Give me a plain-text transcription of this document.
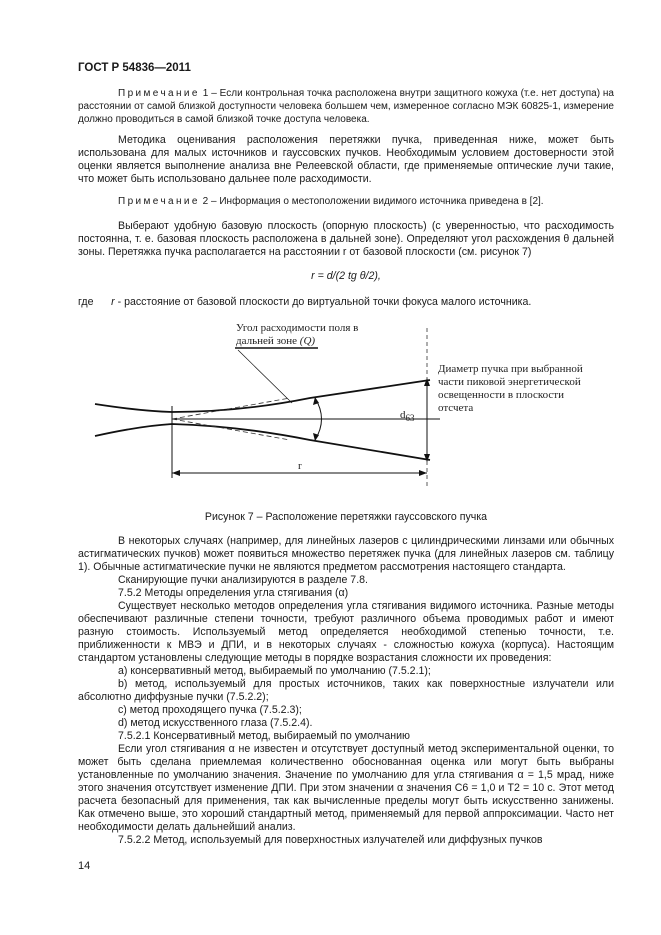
ГОСТ Р 54836—2011

Примечание 1 – Если контрольная точка расположена внутри защитного кожуха (т.е. нет доступа) на расстоянии от самой близкой доступности человека большем чем, измеренное согласно МЭК 60825-1, измерение должно проводиться в самой близкой точке доступа человека.

Методика оценивания расположения перетяжки пучка, приведенная ниже, может быть использована для малых источников и гауссовских пучков. Необходимым условием достоверности этой оценки является выполнение анализа вне Релеевской области, где применяемые оптические лучи такие, что может быть использовано дальнее поле расходимости.

Примечание 2 – Информация о местоположении видимого источника приведена в [2].

Выберают удобную базовую плоскость (опорную плоскость) (с уверенностью, что расходимость постоянна, т. е. базовая плоскость расположена в дальней зоне). Определяют угол расхождения θ дальней зоны. Перетяжка пучка располагается на расстоянии r от базовой плоскости (см. рисунок 7)

r = d/(2 tg θ/2),
где r - расстояние от базовой плоскости до виртуальной точки фокуса малого источника.
Угол расходимости поля в
дальней зоне (Q)
$d_{63}$
r
Диаметр пучка при выбранной
части пиковой энергетической
освещенности в плоскости
отсчета
Рисунок 7 – Расположение перетяжки гауссовского пучка

В некоторых случаях (например, для линейных лазеров с цилиндрическими линзами или обычных астигматических пучков) может появиться множество перетяжек пучка (для линейных лазеров см. таблицу 1). Обычные астигматические пучки не являются предметом рассмотрения настоящего стандарта.

Сканирующие пучки анализируются в разделе 7.8.

7.5.2 Методы определения угла стягивания (α)

Существует несколько методов определения угла стягивания видимого источника. Разные методы обеспечивают различные степени точности, требуют различного объема проводимых работ и имеют разную стоимость. Используемый метод определяется необходимой степенью точности, т.е. приближенности к МВЭ и ДПИ, и в некоторых случаях - сложностью кожуха (корпуса). Настоящим стандартом установлены следующие методы в порядке возрастания сложности их проведения:

а) консервативный метод, выбираемый по умолчанию (7.5.2.1);

b) метод, используемый для простых источников, таких как поверхностные излучатели или абсолютно диффузные пучки (7.5.2.2);

с) метод проходящего пучка (7.5.2.3);

d) метод искусственного глаза (7.5.2.4).

7.5.2.1 Консервативный метод, выбираемый по умолчанию

Если угол стягивания α не известен и отсутствует доступный метод экспериментальной оценки, то может быть сделана приемлемая количественно обоснованная оценка или могут быть выбраны установленные по умолчанию значения. Значение по умолчанию для угла стягивания α = 1,5 мрад, ниже этого значения отсутствует изменение ДПИ. При этом значении α значения C6 = 1,0 и T2 = 10 с. Этот метод расчета безопасный для применения, так как вычисленные пределы могут быть искусственно занижены. Как отмечено выше, это хороший стандартный метод, применяемый для первой аппроксимации. Часто нет необходимости делать дальнейший анализ.

7.5.2.2 Метод, используемый для поверхностных излучателей или диффузных пучков

14
